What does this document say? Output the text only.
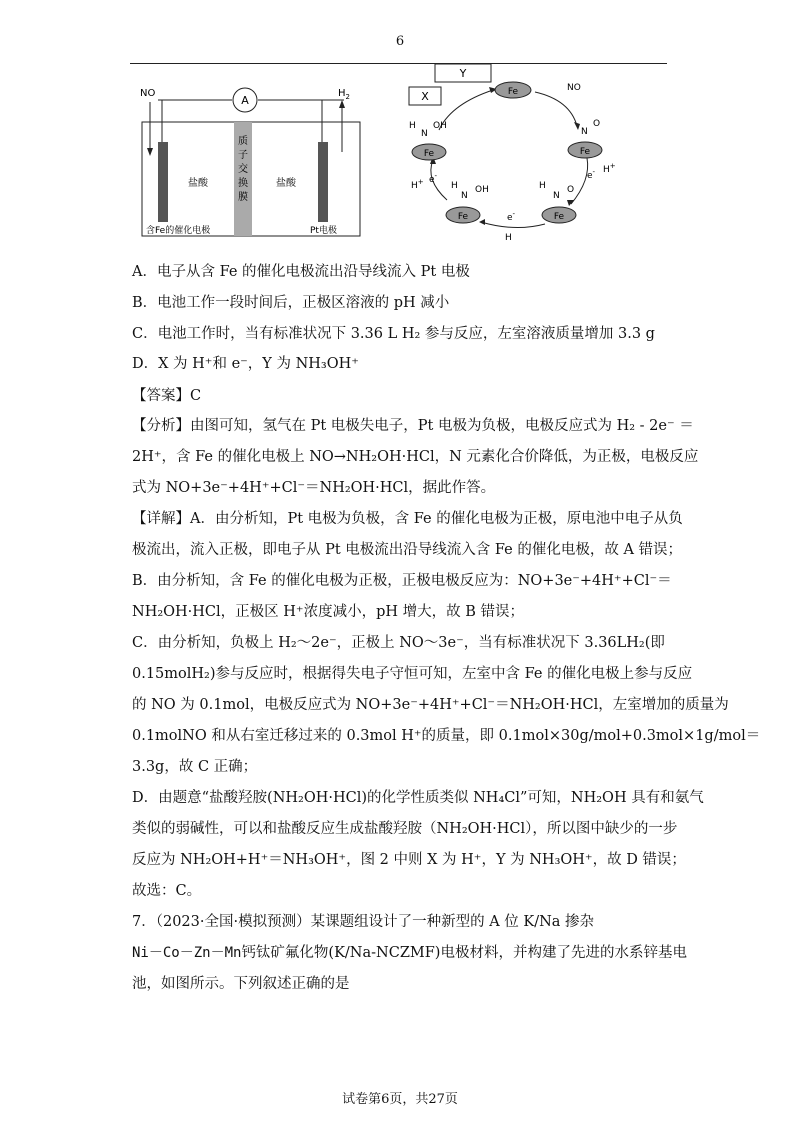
6
A
NO	$H_2$
质
子
交
换
膜
盐酸	盐酸
含Fe的催化电极	Pt电极
Y
X	Fe
Fe
Fe
Fe
Fe
NO
N
O
H+
e-
H
N
O
H
N
OH
e-
H
H+ e-
H
N
OH
A．电子从含 Fe 的催化电极流出沿导线流入 Pt 电极
B．电池工作一段时间后，正极区溶液的 pH 减小
C．电池工作时，当有标准状况下 3.36 L H₂ 参与反应，左室溶液质量增加 3.3 g
D．X 为 H⁺和 e⁻，Y 为 NH₃OH⁺
【答案】C
【分析】由图可知，氢气在 Pt 电极失电子，Pt 电极为负极，电极反应式为 H₂ - 2e⁻ ＝
2H⁺，含 Fe 的催化电极上 NO→NH₂OH·HCl，N 元素化合价降低，为正极，电极反应
式为 NO+3e⁻+4H⁺+Cl⁻＝NH₂OH·HCl，据此作答。
【详解】A．由分析知，Pt 电极为负极，含 Fe 的催化电极为正极，原电池中电子从负
极流出，流入正极，即电子从 Pt 电极流出沿导线流入含 Fe 的催化电极，故 A 错误；
B．由分析知，含 Fe 的催化电极为正极，正极电极反应为：NO+3e⁻+4H⁺+Cl⁻＝
NH₂OH·HCl，正极区 H⁺浓度减小，pH 增大，故 B 错误；
C．由分析知，负极上 H₂～2e⁻，正极上 NO～3e⁻，当有标准状况下 3.36LH₂(即
0.15molH₂)参与反应时，根据得失电子守恒可知，左室中含 Fe 的催化电极上参与反应
的 NO 为 0.1mol，电极反应式为 NO+3e⁻+4H⁺+Cl⁻＝NH₂OH·HCl，左室增加的质量为
0.1molNO 和从右室迁移过来的 0.3mol H⁺的质量，即 0.1mol×30g/mol+0.3mol×1g/mol＝
3.3g，故 C 正确；
D．由题意“盐酸羟胺(NH₂OH·HCl)的化学性质类似 NH₄Cl”可知，NH₂OH 具有和氨气
类似的弱碱性，可以和盐酸反应生成盐酸羟胺（NH₂OH·HCl），所以图中缺少的一步
反应为 NH₂OH+H⁺＝NH₃OH⁺，图 2 中则 X 为 H⁺，Y 为 NH₃OH⁺，故 D 错误；
故选：C。
7．（2023·全国·模拟预测）某课题组设计了一种新型的 A 位 K/Na 掺杂
Ni－Co－Zn－Mn钙钛矿氟化物(K/Na-NCZMF)电极材料，并构建了先进的水系锌基电
池，如图所示。下列叙述正确的是
试卷第6页，共27页
